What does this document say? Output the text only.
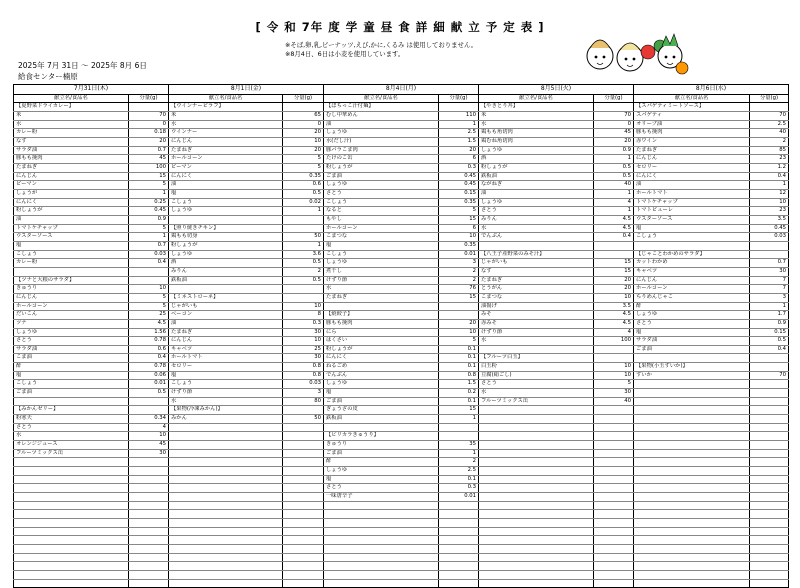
[ 令 和 7年 度 学 童 昼 食 詳 細 献 立 予 定 表 ]
※そば,卵,乳,ピーナッツ,えび,かに,くるみ は使用しておりません。
※8月4日、6日は小麦を使用しています。
2025年 7月 31日 ～ 2025年 8月 6日
給食センター楠原
7月31日(木)		8月1日(金)		8月4日(月)		8月5日(火)		8月6日(水)	
献立名/食品名	分量(g)	献立名/食品名	分量(g)	献立名/食品名	分量(g)	献立名/食品名	分量(g)	献立名/食品名	分量(g)
【夏野菜ドライカレー】		【ウインナーピラフ】		【ほちっこ汁付麺】		【やきとり丼】		【スパゲティミートソース】	
米	70	米	65	むし中華めん	110	米	70	スパゲティ	70
水	0	水	0	油	1	水	0	オリーブ油	2.5
カレー粉	0.18	ウインナー	20	しょうゆ	2.5	鶏もも角切肉	45	豚もも挽肉	40
なす	20	にんじん	10	水(だし汁)	1.5	鶏むね角切肉	20	赤ワイン	2
サラダ油	0.7	たまねぎ	20	豚バラこま肉	20	しょうゆ	0.9	たまねぎ	85
豚もも挽肉	45	ホールコーン	5	たけのこ缶	6	酒	1	にんじん	23
たまねぎ	100	ピーマン	5	粉しょうが	0.3	粉しょうが	0.5	セロリー	1.2
にんじん	15	にんにく	0.35	ごま油	0.45	鉄板油	0.5	にんにく	0.4
ピーマン	5	油	0.6	しょうゆ	0.45	ながねぎ	40	油	1
しょうが	1	塩	0.5	さとう	0.15	油	1	ホールトマト	12
にんにく	0.25	こしょう	0.02	こしょう	0.35	しょうゆ	4	トマトケチャップ	10
粉しょうが	0.45	しょうゆ	1	なると	5	さとう	1	トマトピューレ	23
油	0.9			もやし	15	みりん	4.5	ウスターソース	3.5
トマトケチャップ	5	【照り焼きチキン】		ホールコーン	6	水	4.5	塩	0.45
ウスターソース	1	鶏もも切身	50	こまつな	10	でんぷん	0.4	こしょう	0.03
塩	0.7	粉しょうが	1	塩	0.35				
こしょう	0.03	しょうゆ	3.6	こしょう	0.01	【八王子産野菜のみそ汁】		【じゃことわかめのサラダ】	
カレー粉	0.4	酒	0.5	しょうゆ	3	じゃがいも	15	カットわかめ	0.7
		みりん	2	煮干し	2	なす	15	キャベツ	30
【ツナと大根のサラダ】		鉄板油	0.5	けずり節	2	たまねぎ	20	にんじん	7
きゅうり	10			水	76	とうがん	20	ホールコーン	7
にんじん	5	【ミネストローネ】		たまねぎ	15	こまつな	10	ちりめんじゃこ	3
ホールコーン	5	じゃがいも	10			油揚げ	3.5	酢	1
だいこん	25	ベーコン	8	【焼餃子】		みそ	4.5	しょうゆ	1.7
ツナ	4.5	油	0.3	豚もも挽肉	20	赤みそ	4.5	さとう	0.9
しょうゆ	1.56	たまねぎ	30	にら	10	けずり節	4	塩	0.15
さとう	0.78	にんじん	10	はくさい	5	水	100	サラダ油	0.5
サラダ油	0.6	キャベツ	25	粉しょうが	0.1			ごま油	0.4
こま油	0.4	ホールトマト	30	にんにく	0.1	【フルーツ白玉】			
酢	0.78	セロリー	0.8	ねるごめ	0.1	白玉粉	10	【果物(小玉すいか)】	
塩	0.06	塩	0.8	でんぷん	0.8	豆腐(絹ごし)	10	すいか	70
こしょう	0.01	こしょう	0.03	しょうゆ	1.5	さとう	5		
ごま油	0.5	けずり節	3	塩	0.2	水	30		
		水	80	ごま油	0.1	フルーツミックス缶	40		
【みかんゼリー】		【果物(冷凍みかん)】		ぎょうざの皮	15				
粉寒天	0.34	みかん	50	鉄板油	1				
さとう	4								
水	10			【ビリカラきゅうり】					
オレンジジュース	45			きゅうり	35				
フルーツミックス缶	30			ごま油	1				
				酢	2				
				しょうゆ	2.5				
				塩	0.1				
				さとう	0.3				
				一味唐辛子	0.01				
